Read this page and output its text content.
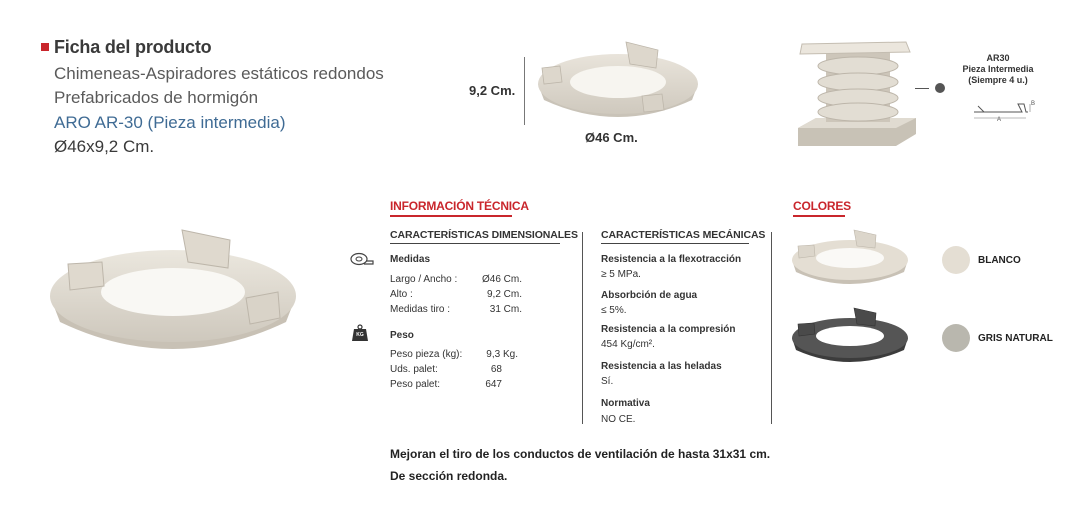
Ficha del producto
Chimeneas-Aspiradores estáticos redondos
Prefabricados de hormigón
ARO AR-30 (Pieza intermedia)
Ø46x9,2 Cm.
9,2 Cm.
Ø46 Cm.
AR30
Pieza Intermedia
(Siempre 4 u.)
A
B
INFORMACIÓN TÉCNICA
CARACTERÍSTICAS DIMENSIONALES
Medidas
Largo / Ancho :	Ø46 Cm.
Alto :	9,2 Cm.
Medidas tiro :	31 Cm.
KG	Peso
Peso pieza (kg):	9,3 Kg.
Uds. palet:	68
Peso palet:	647
CARACTERÍSTICAS MECÁNICAS
Resistencia a la flexotracción
≥ 5 MPa.
Absorbción de agua
≤ 5%.
Resistencia a la compresión
454 Kg/cm².
Resistencia a las heladas
Sí.
Normativa
NO CE.
COLORES
BLANCO
GRIS NATURAL
Mejoran el tiro de los conductos de ventilación de hasta 31x31 cm.
De sección redonda.
